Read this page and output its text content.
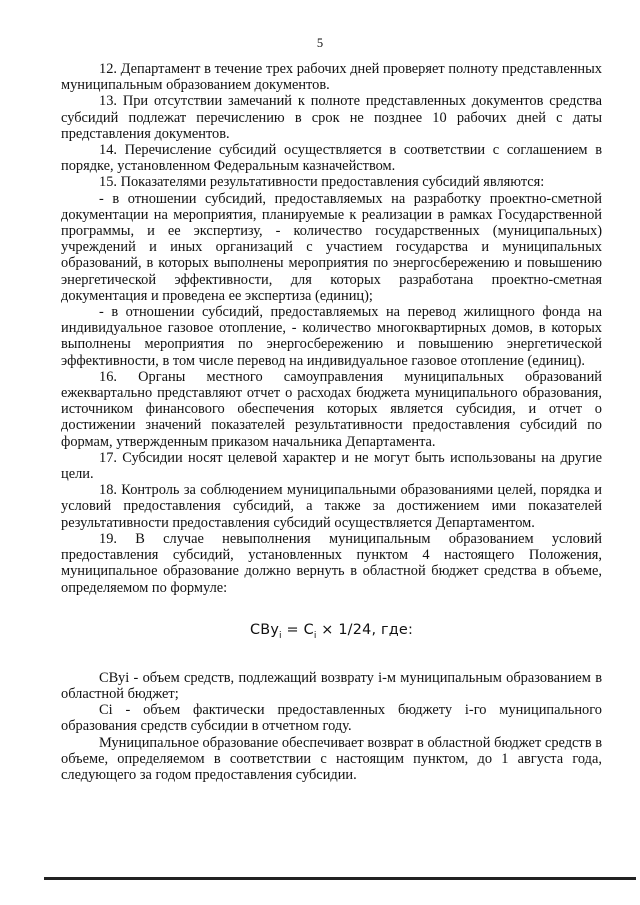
5

12. Департамент в течение трех рабочих дней проверяет полноту представленных муниципальным образованием документов.

13. При отсутствии замечаний к полноте представленных документов средства субсидий подлежат перечислению в срок не позднее 10 рабочих дней с даты представления документов.

14. Перечисление субсидий осуществляется в соответствии с соглашением в порядке, установленном Федеральным казначейством.

15. Показателями результативности предоставления субсидий являются:

- в отношении субсидий, предоставляемых на разработку проектно-сметной документации на мероприятия, планируемые к реализации в рамках Государственной программы, и ее экспертизу, - количество государственных (муниципальных) учреждений и иных организаций с участием государства и муниципальных образований, в которых выполнены мероприятия по энергосбережению и повышению энергетической эффективности, для которых разработана проектно-сметная документация и проведена ее экспертиза (единиц);

- в отношении субсидий, предоставляемых на перевод жилищного фонда на индивидуальное газовое отопление, - количество многоквартирных домов, в которых выполнены мероприятия по энергосбережению и повышению энергетической эффективности, в том числе перевод на индивидуальное газовое отопление (единиц).

16. Органы местного самоуправления муниципальных образований ежеквартально представляют отчет о расходах бюджета муниципального образования, источником финансового обеспечения которых является субсидия, и отчет о достижении значений показателей результативности предоставления субсидий по формам, утвержденным приказом начальника Департамента.

17. Субсидии носят целевой характер и не могут быть использованы на другие цели.

18. Контроль за соблюдением муниципальными образованиями целей, порядка и условий предоставления субсидий, а также за достижением ими показателей результативности предоставления субсидий осуществляется Департаментом.

19. В случае невыполнения муниципальным образованием условий предоставления субсидий, установленных пунктом 4 настоящего Положения, муниципальное образование должно вернуть в областной бюджет средства в объеме, определяемом по формуле:

$СВу_i = С_i \times 1/24$, где:

СВуi - объем средств, подлежащий возврату i-м муниципальным образованием в областной бюджет;

Сi - объем фактически предоставленных бюджету i-го муниципального образования средств субсидии в отчетном году.

Муниципальное образование обеспечивает возврат в областной бюджет средств в объеме, определяемом в соответствии с настоящим пунктом, до 1 августа года, следующего за годом предоставления субсидии.
